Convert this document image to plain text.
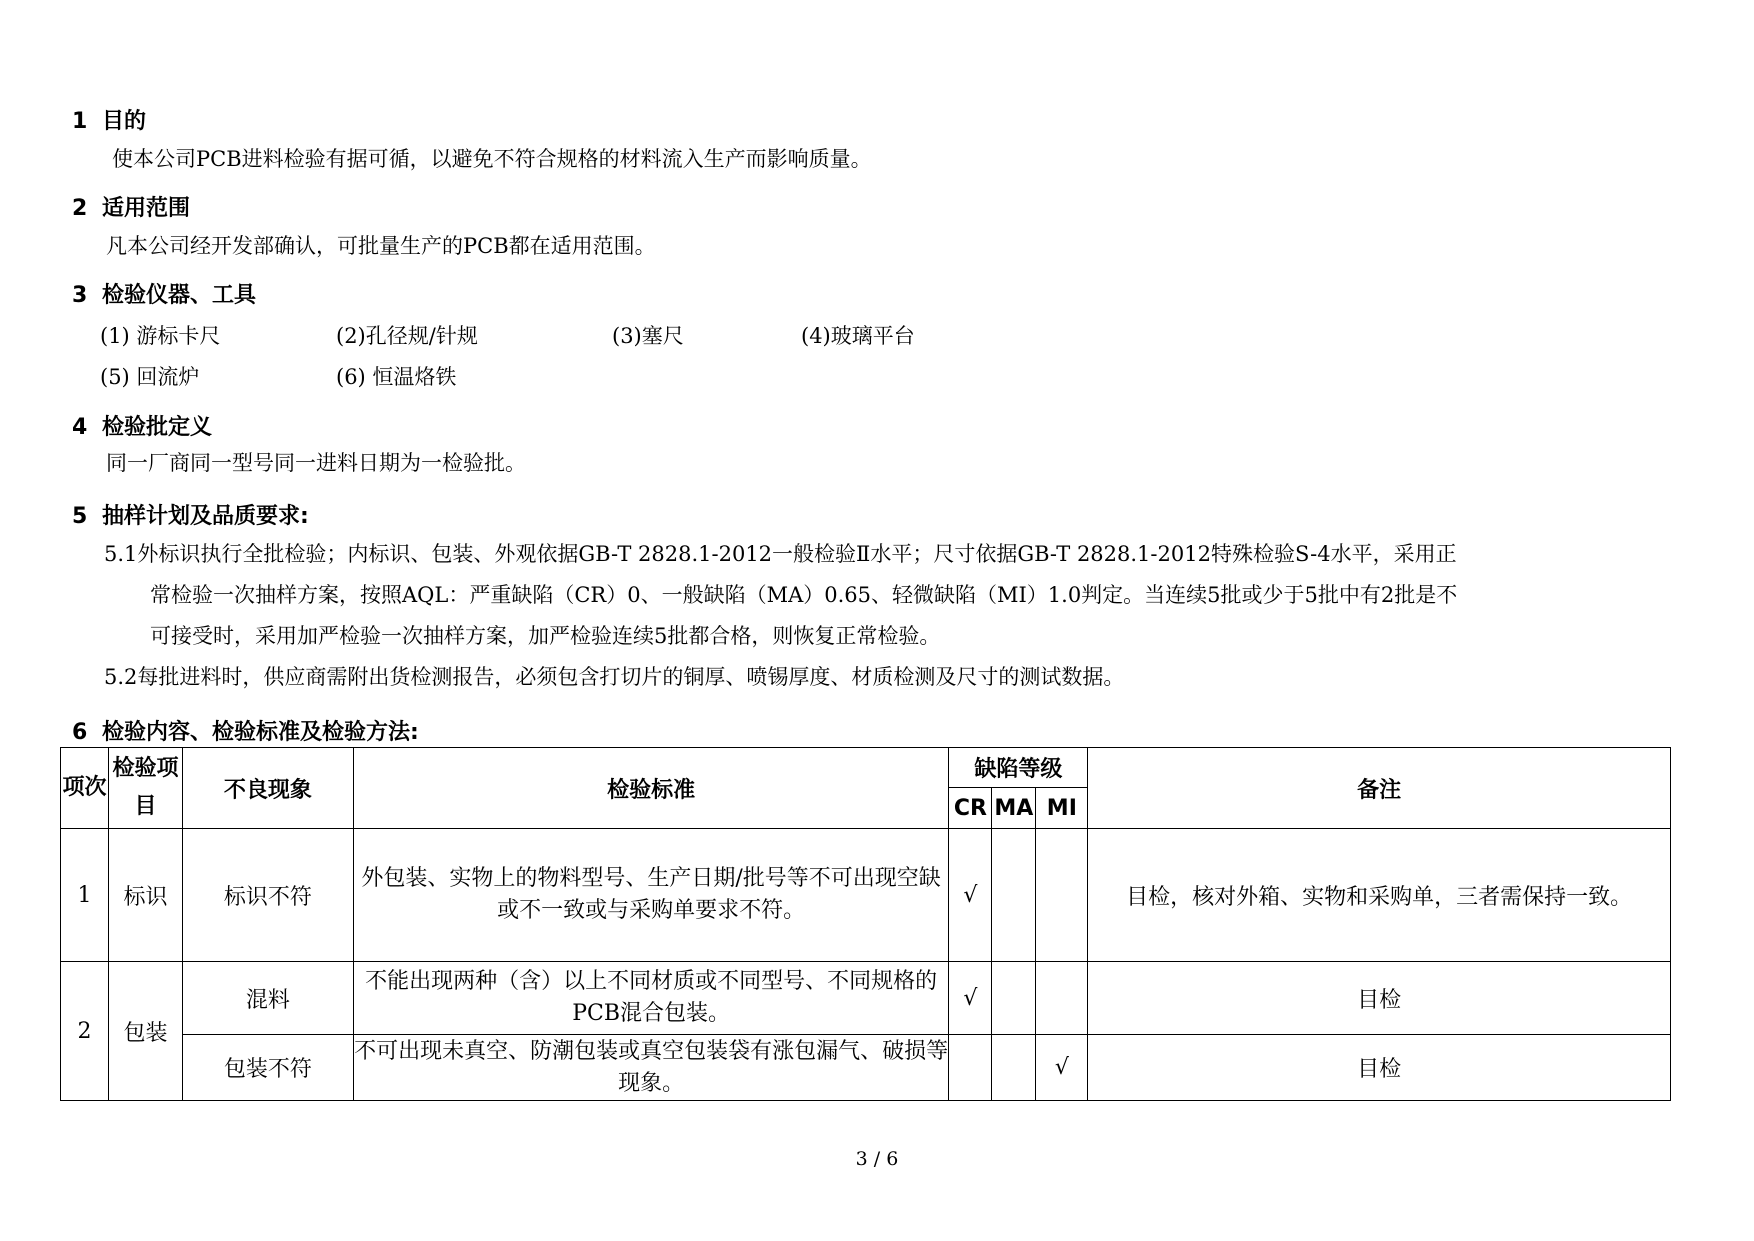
1 目的
使本公司PCB进料检验有据可循，以避免不符合规格的材料流入生产而影响质量。
2 适用范围
凡本公司经开发部确认，可批量生产的PCB都在适用范围。
3 检验仪器、工具
(1) 游标卡尺	(2)孔径规/针规	(3)塞尺	(4)玻璃平台
(5) 回流炉	(6) 恒温烙铁
4 检验批定义
同一厂商同一型号同一进料日期为一检验批。
5 抽样计划及品质要求:
5.1外标识执行全批检验；内标识、包装、外观依据GB-T 2828.1-2012一般检验Ⅱ水平；尺寸依据GB-T 2828.1-2012特殊检验S-4水平，采用正
常检验一次抽样方案，按照AQL：严重缺陷（CR）0、一般缺陷（MA）0.65、轻微缺陷（MI）1.0判定。当连续5批或少于5批中有2批是不
可接受时，采用加严检验一次抽样方案，加严检验连续5批都合格，则恢复正常检验。
5.2每批进料时，供应商需附出货检测报告，必须包含打切片的铜厚、喷锡厚度、材质检测及尺寸的测试数据。
6 检验内容、检验标准及检验方法:
项次	检验项目	不良现象	检验标准	缺陷等级			备注
				CR	MA	MI	
1	标识	标识不符	外包装、实物上的物料型号、生产日期/批号等不可出现空缺或不一致或与采购单要求不符。	√			目检，核对外箱、实物和采购单，三者需保持一致。
2	包装	混料	不能出现两种（含）以上不同材质或不同型号、不同规格的PCB混合包装。	√			目检
		包装不符	不可出现未真空、防潮包装或真空包装袋有涨包漏气、破损等现象。			√	目检
3 / 6
